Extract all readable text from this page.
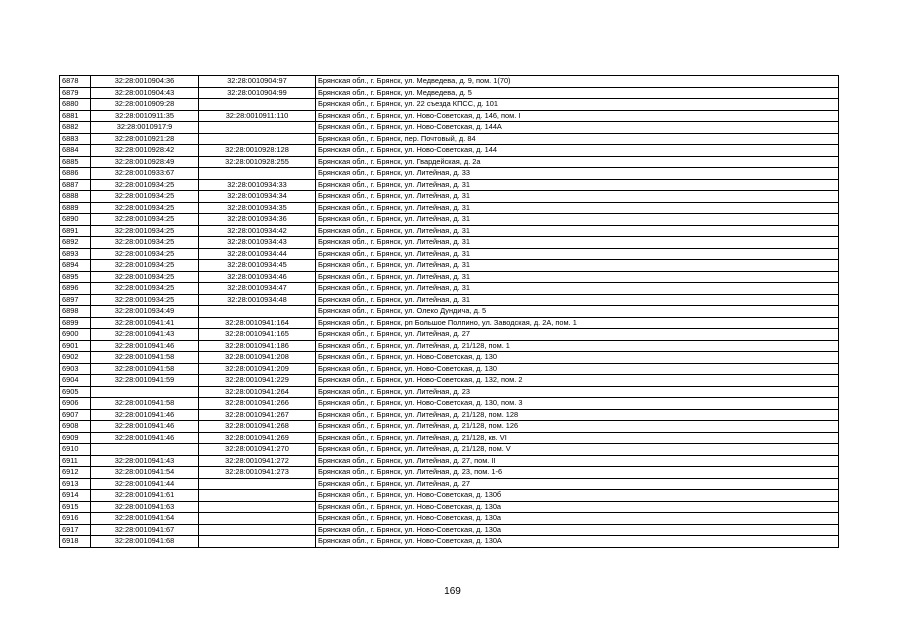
6878	32:28:0010904:36	32:28:0010904:97	Брянская обл., г. Брянск, ул. Медведева, д. 9, пом. 1(70)
6879	32:28:0010904:43	32:28:0010904:99	Брянская обл., г. Брянск, ул. Медведева, д. 5
6880	32:28:0010909:28		Брянская обл., г. Брянск, ул. 22 съезда КПСС, д. 101
6881	32:28:0010911:35	32:28:0010911:110	Брянская обл., г. Брянск, ул. Ново-Советская, д. 146, пом. I
6882	32:28:0010917:9		Брянская обл., г. Брянск, ул. Ново-Советская, д. 144А
6883	32:28:0010921:28		Брянская обл., г. Брянск, пер. Почтовый, д. 84
6884	32:28:0010928:42	32:28:0010928:128	Брянская обл., г. Брянск, ул. Ново-Советская, д. 144
6885	32:28:0010928:49	32:28:0010928:255	Брянская обл., г. Брянск, ул. Гвардейская, д. 2а
6886	32:28:0010933:67		Брянская обл., г. Брянск, ул. Литейная, д. 33
6887	32:28:0010934:25	32:28:0010934:33	Брянская обл., г. Брянск, ул. Литейная, д. 31
6888	32:28:0010934:25	32:28:0010934:34	Брянская обл., г. Брянск, ул. Литейная, д. 31
6889	32:28:0010934:25	32:28:0010934:35	Брянская обл., г. Брянск, ул. Литейная, д. 31
6890	32:28:0010934:25	32:28:0010934:36	Брянская обл., г. Брянск, ул. Литейная, д. 31
6891	32:28:0010934:25	32:28:0010934:42	Брянская обл., г. Брянск, ул. Литейная, д. 31
6892	32:28:0010934:25	32:28:0010934:43	Брянская обл., г. Брянск, ул. Литейная, д. 31
6893	32:28:0010934:25	32:28:0010934:44	Брянская обл., г. Брянск, ул. Литейная, д. 31
6894	32:28:0010934:25	32:28:0010934:45	Брянская обл., г. Брянск, ул. Литейная, д. 31
6895	32:28:0010934:25	32:28:0010934:46	Брянская обл., г. Брянск, ул. Литейная, д. 31
6896	32:28:0010934:25	32:28:0010934:47	Брянская обл., г. Брянск, ул. Литейная, д. 31
6897	32:28:0010934:25	32:28:0010934:48	Брянская обл., г. Брянск, ул. Литейная, д. 31
6898	32:28:0010934:49		Брянская обл., г. Брянск, ул. Олеко Дундича, д. 5
6899	32:28:0010941:41	32:28:0010941:164	Брянская обл., г. Брянск, рп Большое Полпино, ул. Заводская, д. 2А, пом. 1
6900	32:28:0010941:43	32:28:0010941:165	Брянская обл., г. Брянск, ул. Литейная, д. 27
6901	32:28:0010941:46	32:28:0010941:186	Брянская обл., г. Брянск, ул. Литейная, д. 21/128, пом. 1
6902	32:28:0010941:58	32:28:0010941:208	Брянская обл., г. Брянск, ул. Ново-Советская, д. 130
6903	32:28:0010941:58	32:28:0010941:209	Брянская обл., г. Брянск, ул. Ново-Советская, д. 130
6904	32:28:0010941:59	32:28:0010941:229	Брянская обл., г. Брянск, ул. Ново-Советская, д. 132, пом. 2
6905		32:28:0010941:264	Брянская обл., г. Брянск, ул. Литейная, д. 23
6906	32:28:0010941:58	32:28:0010941:266	Брянская обл., г. Брянск, ул. Ново-Советская, д. 130, пом. 3
6907	32:28:0010941:46	32:28:0010941:267	Брянская обл., г. Брянск, ул. Литейная, д. 21/128, пом. 128
6908	32:28:0010941:46	32:28:0010941:268	Брянская обл., г. Брянск, ул. Литейная, д. 21/128, пом. 126
6909	32:28:0010941:46	32:28:0010941:269	Брянская обл., г. Брянск, ул. Литейная, д. 21/128, кв. VI
6910		32:28:0010941:270	Брянская обл., г. Брянск, ул. Литейная, д. 21/128, пом. V
6911	32:28:0010941:43	32:28:0010941:272	Брянская обл., г. Брянск, ул. Литейная, д. 27, пом. II
6912	32:28:0010941:54	32:28:0010941:273	Брянская обл., г. Брянск, ул. Литейная, д. 23, пом. 1-6
6913	32:28:0010941:44		Брянская обл., г. Брянск, ул. Литейная, д. 27
6914	32:28:0010941:61		Брянская обл., г. Брянск, ул. Ново-Советская, д. 130б
6915	32:28:0010941:63		Брянская обл., г. Брянск, ул. Ново-Советская, д. 130а
6916	32:28:0010941:64		Брянская обл., г. Брянск, ул. Ново-Советская, д. 130а
6917	32:28:0010941:67		Брянская обл., г. Брянск, ул. Ново-Советская, д. 130а
6918	32:28:0010941:68		Брянская обл., г. Брянск, ул. Ново-Советская, д. 130А
169
